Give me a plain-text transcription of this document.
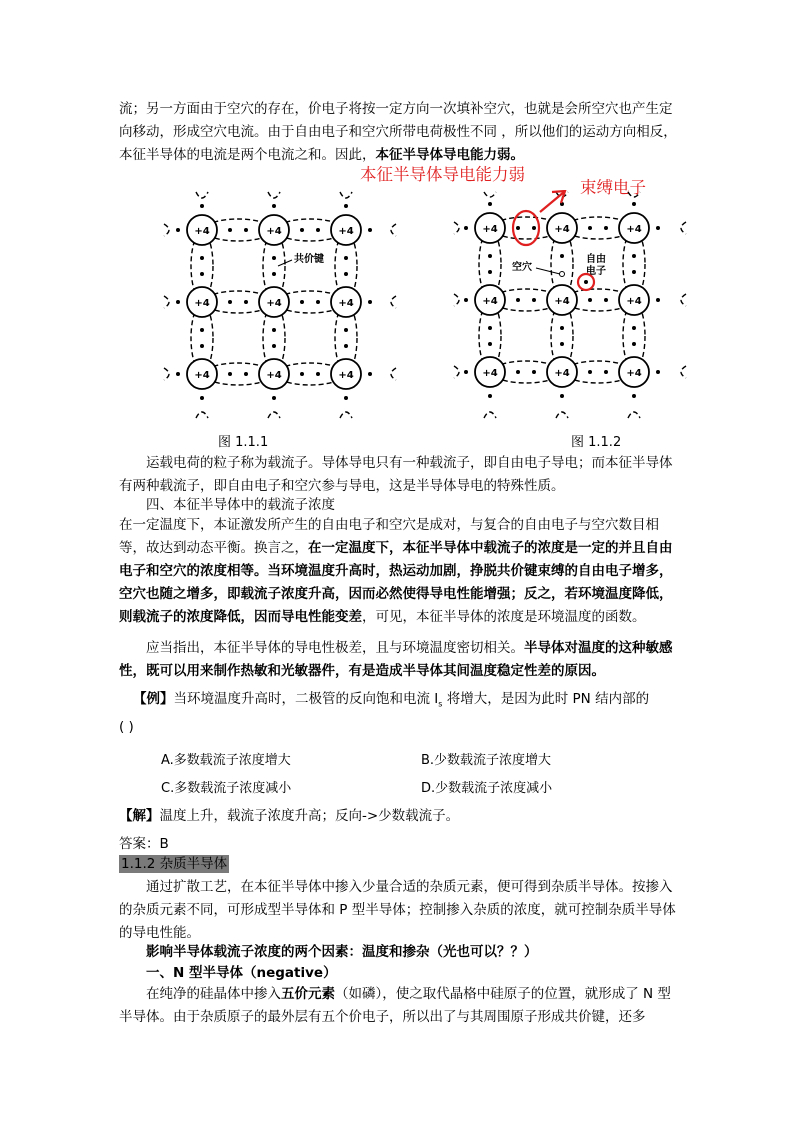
流；另一方面由于空穴的存在，价电子将按一定方向一次填补空穴，也就是会所空穴也产生定向移动，形成空穴电流。由于自由电子和空穴所带电荷极性不同 ，所以他们的运动方向相反，本征半导体的电流是两个电流之和。因此，本征半导体导电能力弱。
本征半导体导电能力弱
束缚电子
+4	+4	+4
+4	+4	+4
+4	+4	+4
共价键
+4	+4	+4
+4	+4	+4
+4	+4	+4
空穴
自由
电子
图 1.1.1	图 1.1.2
运载电荷的粒子称为载流子。导体导电只有一种载流子，即自由电子导电；而本征半导体有两种载流子，即自由电子和空穴参与导电，这是半导体导电的特殊性质。
四、本征半导体中的载流子浓度
在一定温度下，本证激发所产生的自由电子和空穴是成对，与复合的自由电子与空穴数目相等，故达到动态平衡。换言之，在一定温度下，本征半导体中载流子的浓度是一定的并且自由电子和空穴的浓度相等。当环境温度升高时，热运动加剧，挣脱共价键束缚的自由电子增多，空穴也随之增多，即载流子浓度升高，因而必然使得导电性能增强；反之，若环境温度降低，则载流子的浓度降低，因而导电性能变差，可见，本征半导体的浓度是环境温度的函数。
应当指出，本征半导体的导电性极差，且与环境温度密切相关。半导体对温度的这种敏感性，既可以用来制作热敏和光敏器件，有是造成半导体其间温度稳定性差的原因。
【例】当环境温度升高时，二极管的反向饱和电流 $I_s$ 将增大，是因为此时 PN 结内部的
( )
A.多数载流子浓度增大	B.少数载流子浓度增大
C.多数载流子浓度减小	D.少数载流子浓度减小
【解】温度上升，载流子浓度升高；反向->少数载流子。
答案：B
1.1.2 杂质半导体
通过扩散工艺，在本征半导体中掺入少量合适的杂质元素，便可得到杂质半导体。按掺入的杂质元素不同，可形成型半导体和 P 型半导体；控制掺入杂质的浓度，就可控制杂质半导体的导电性能。
影响半导体载流子浓度的两个因素：温度和掺杂（光也可以？？）
一、N 型半导体（negative）
在纯净的硅晶体中掺入五价元素（如磷），使之取代晶格中硅原子的位置，就形成了 N 型半导体。由于杂质原子的最外层有五个价电子，所以出了与其周围原子形成共价键，还多
